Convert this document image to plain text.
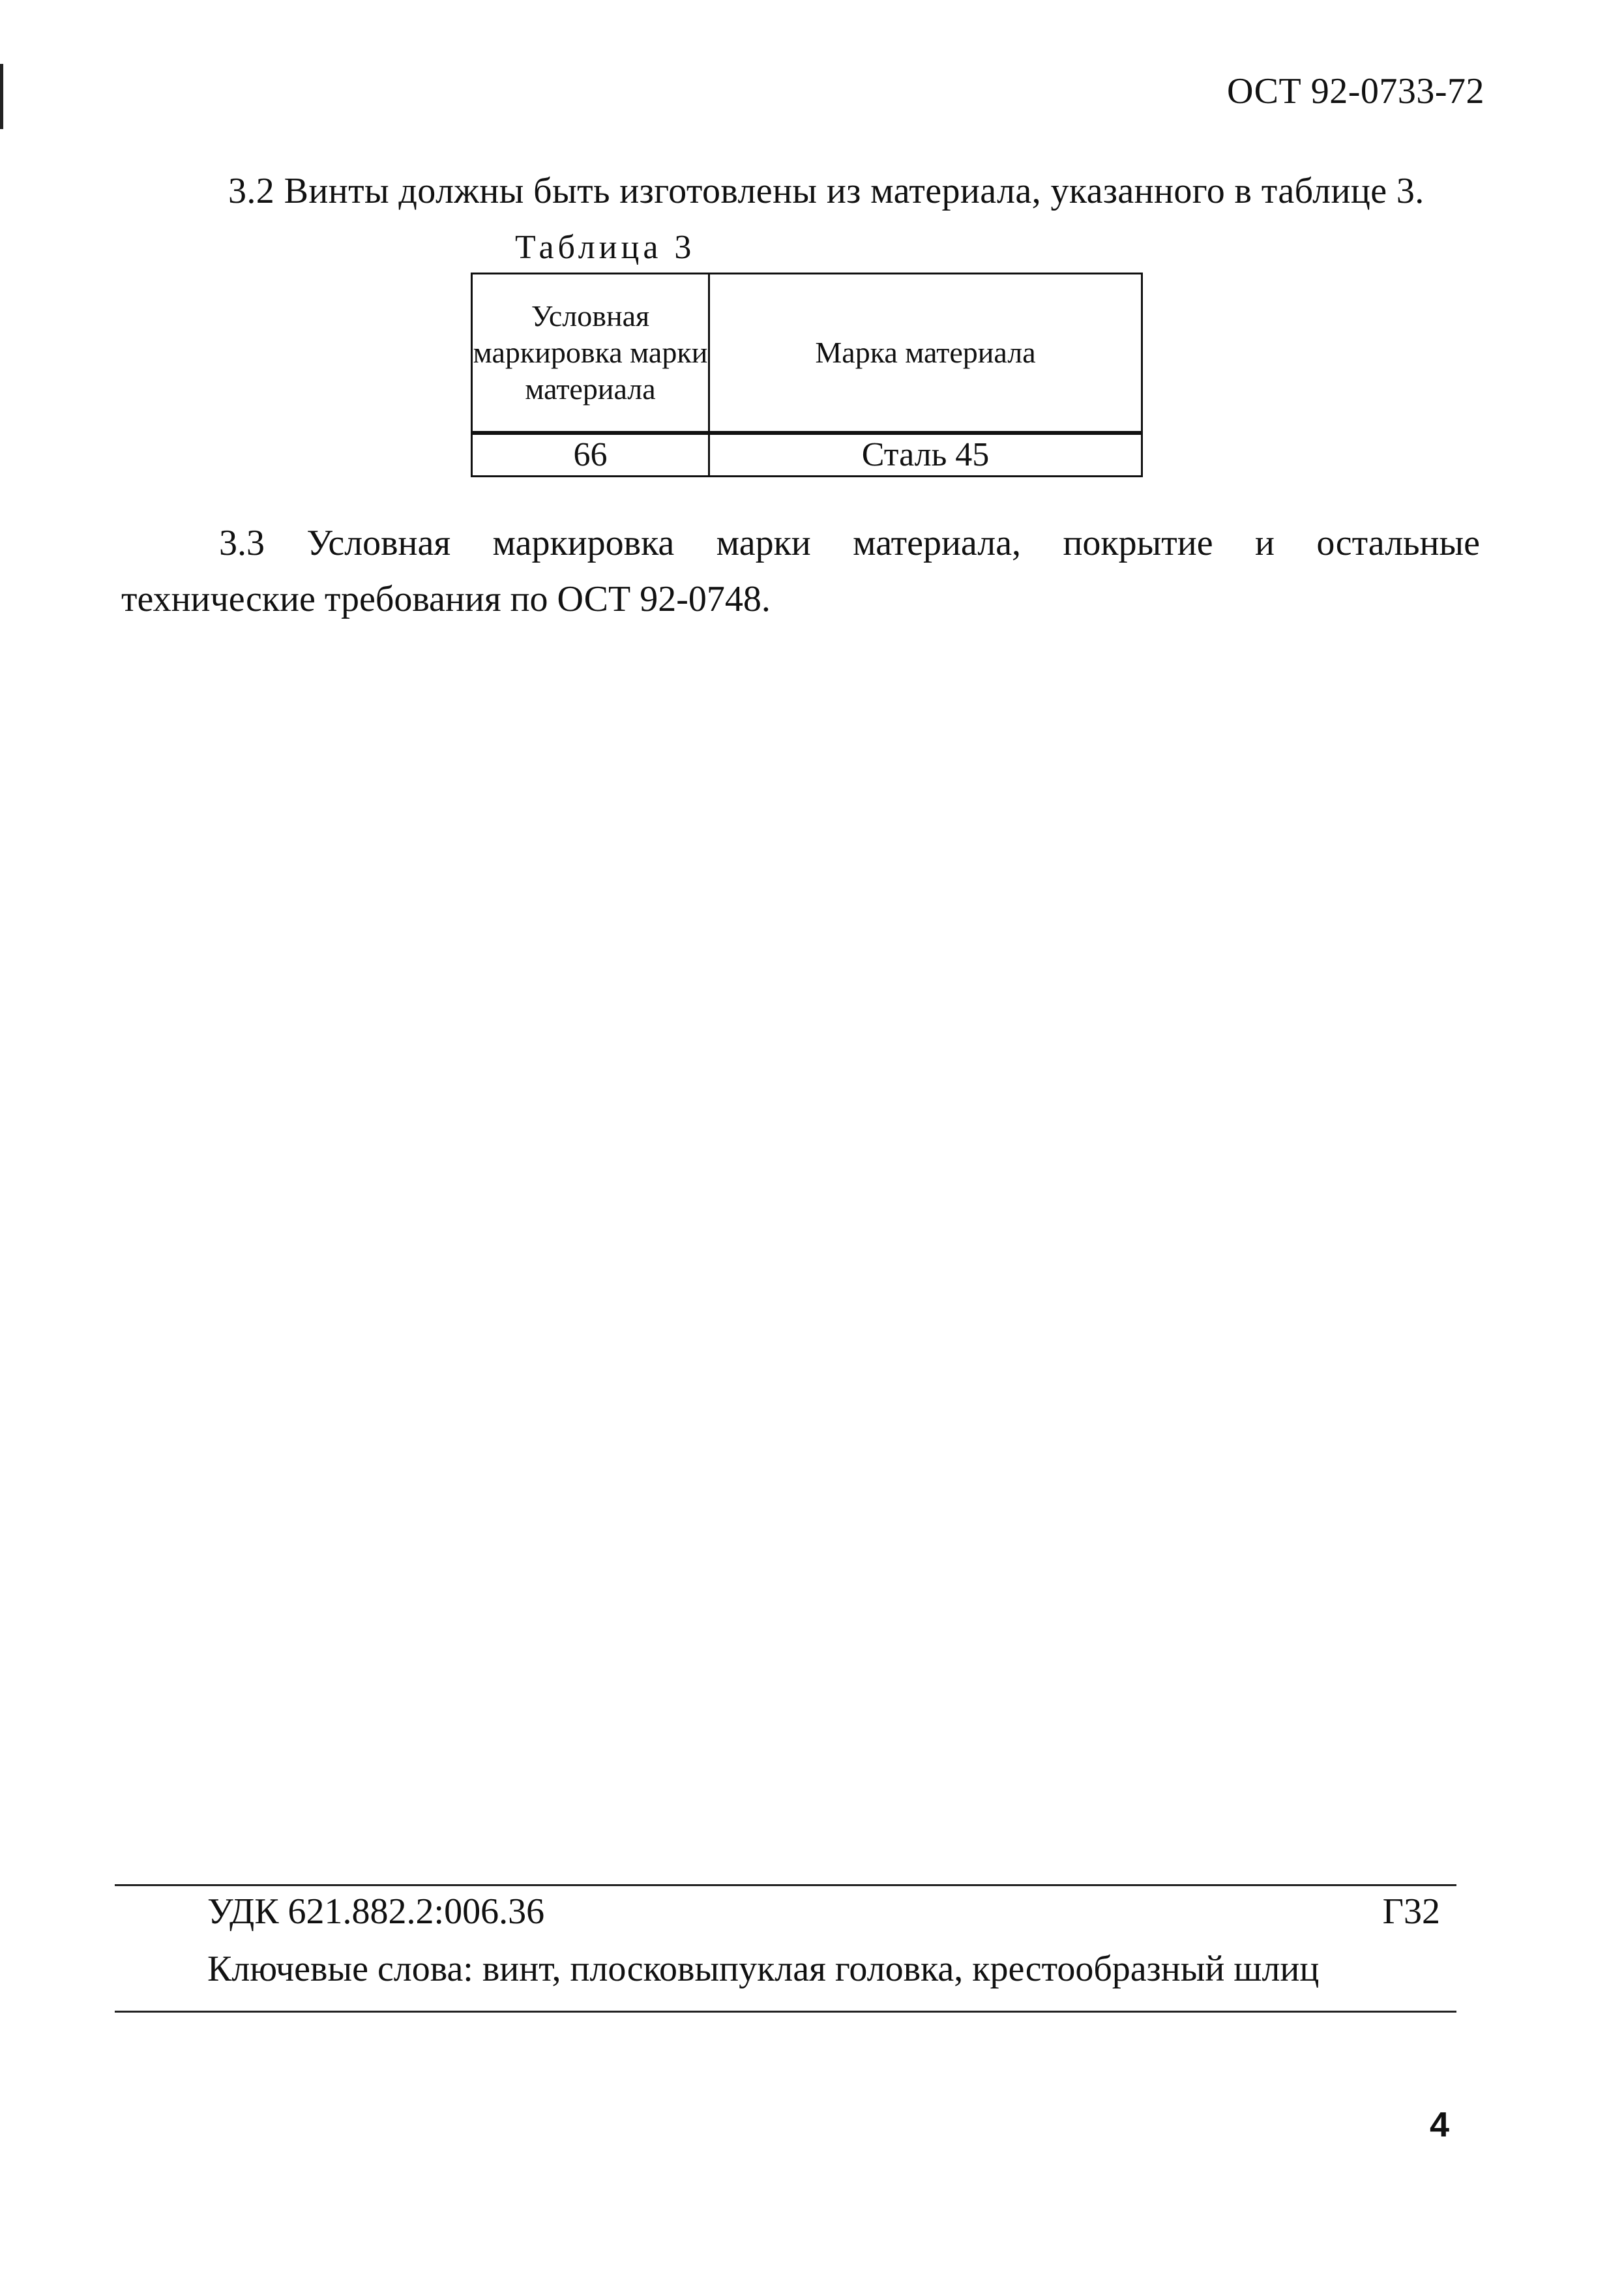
ОСТ 92-0733-72
3.2 Винты должны быть изготовлены из материала, указанного в таблице 3.
Таблица 3
Условная маркировка марки материала	Марка материала
66	Сталь 45
3.3 Условная маркировка марки материала, покрытие и остальные
технические требования по ОСТ 92-0748.
УДК 621.882.2:006.36	Г32
Ключевые слова: винт, плосковыпуклая головка, крестообразный шлиц
4
